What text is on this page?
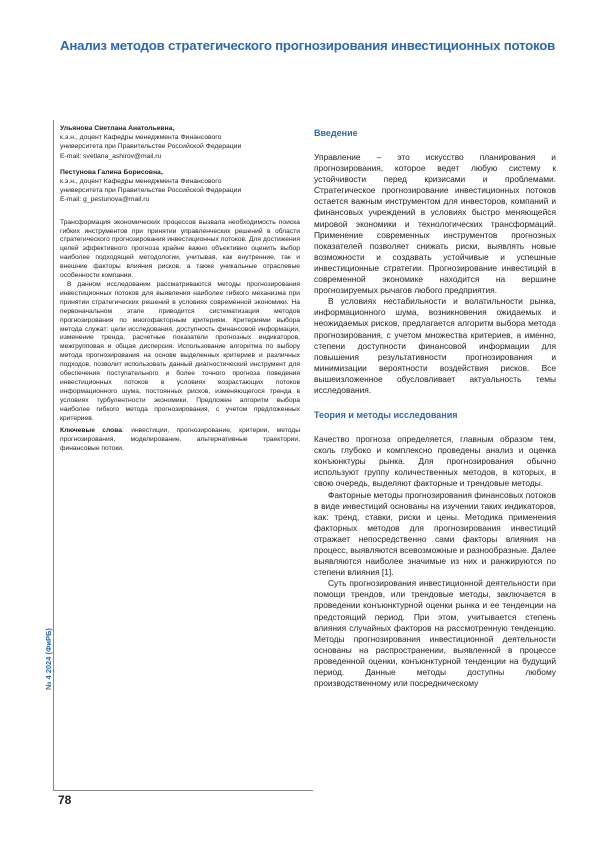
Анализ методов стратегического прогнозирования инвестиционных потоков
№ 4 2024 (ФиРБ)
78
Ульянова Светлана Анатольевна,
к.э.н., доцент Кафедры менеджмента Финансового
университета при Правительстве Российской Федерации
E-mail: svetlana_ashirov@mail.ru
Пестунова Галина Борисовна,
к.э.н., доцент Кафедры менеджмента Финансового
университета при Правительстве Российской Федерации
E-mail: g_pestunova@mail.ru

Трансформация экономических процессов вызвала необходимость поиска гибких инструментов при принятии управленческих решений в области стратегического прогнозирования инвестиционных потоков. Для достижения целей эффективного прогноза крайне важно объективно оценить выбор наиболее подходящей методологии, учитывая, как внутренние, так и внешние факторы влияния рисков, а также уникальные отраслевые особенности компании.

В данном исследовании рассматриваются методы прогнозирования инвестиционных потоков для выявления наиболее гибкого механизма при принятии стратегических решений в условиях современной экономики. На первоначальном этапе приводится систематизация методов прогнозирования по многофакторным критериям. Критериями выбора метода служат: цели исследования, доступность финансовой информации, изменение тренда, расчетные показатели прогнозных индикаторов, межгрупповая и общая дисперсия. Использование алгоритма по выбору метода прогнозирования на основе выделенных критериев и различных подходов, позволит использовать данный диагностический инструмент для обеспечения поступательного и более точного прогноза поведения инвестиционных потоков в условиях возрастающих потоков информационного шума, постоянных рисков, изменяющегося тренда в условиях турбулентности экономики. Предложен алгоритм выбора наиболее гибкого метода прогнозирования, с учетом предложенных критериев.

Ключевые слова: инвестиции, прогнозирование, критерии, методы прогнозирования, моделирование, альтернативные траектории, финансовые потоки.
Введение

Управление – это искусство планирования и прогнозирования, которое ведет любую систему к устойчивости перед кризисами и проблемами. Стратегическое прогнозирование инвестиционных потоков остается важным инструментом для инвесторов, компаний и финансовых учреждений в условиях быстро меняющейся мировой экономики и технологических трансформаций. Применение современных инструментов прогнозных показателей позволяет снижать риски, выявлять новые возможности и создавать устойчивые и успешные инвестиционные стратегии. Прогнозирование инвестиций в современной экономике находится на вершине прогнозируемых рычагов любого предприятия.

В условиях нестабильности и волатильности рынка, информационного шума, возникновения ожидаемых и неожидаемых рисков, предлагается алгоритм выбора метода прогнозирования, с учетом множества критериев, а именно, степени доступности финансовой информации для повышения результативности прогнозирования и минимизации вероятности воздействия рисков. Все вышеизложенное обусловливает актуальность темы исследования.

Теория и методы исследования

Качество прогноза определяется, главным образом тем, сколь глубоко и комплексно проведены анализ и оценка конъюнктуры рынка. Для прогнозирования обычно используют группу количественных методов, в которых, в свою очередь, выделяют факторные и трендовые методы.

Факторные методы прогнозирования финансовых потоков в виде инвестиций основаны на изучении таких индикаторов, как: тренд, ставки, риски и цены. Методика применения факторных методов для прогнозирования инвестиций отражает непосредственно сами факторы влияния на процесс, выявляются всевозможные и разнообразные. Далее выявляются наиболее значимые из них и ранжируются по степени влияния [1].

Суть прогнозирования инвестиционной деятельности при помощи трендов, или трендовые методы, заключается в проведении конъюнктурной оценки рынка и ее тенденции на предстоящий период. При этом, учитывается степень влияния случайных факторов на рассмотренную тенденцию. Методы прогнозирования инвестиционной деятельности основаны на распространении, выявленной в процессе проведенной оценки, конъюнктурной тенденции на будущий период. Данные методы доступны любому производственному или посредническому
